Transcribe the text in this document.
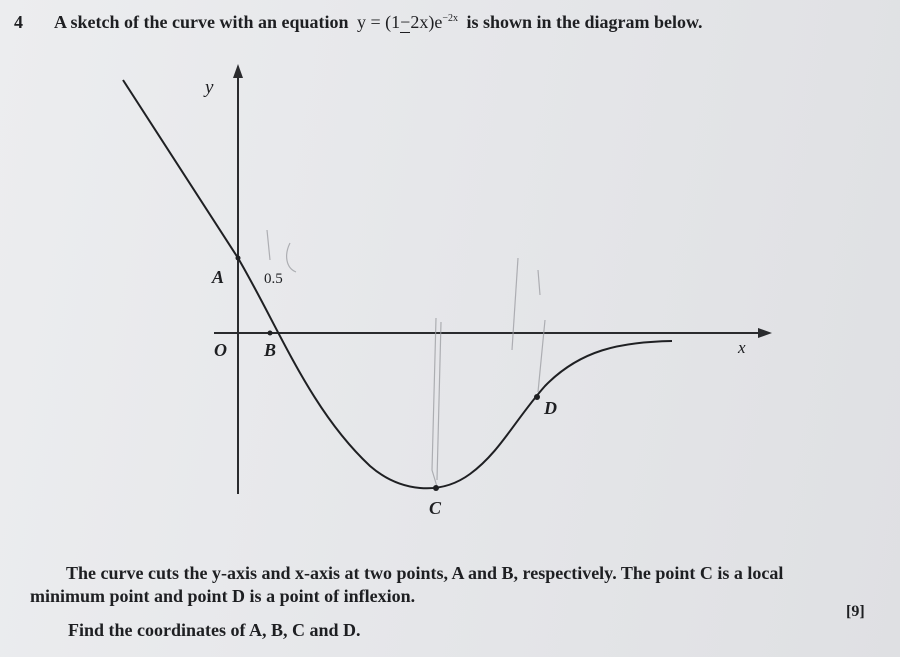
4 A sketch of the curve with an equation $y = (1-2x)e^{-2x}$ is shown in the diagram below.
0.5
y
x
A
O B
C
D
The curve cuts the y-axis and x-axis at two points, A and B, respectively. The point C is a local
minimum point and point D is a point of inflexion.
[9]
Find the coordinates of A, B, C and D.
